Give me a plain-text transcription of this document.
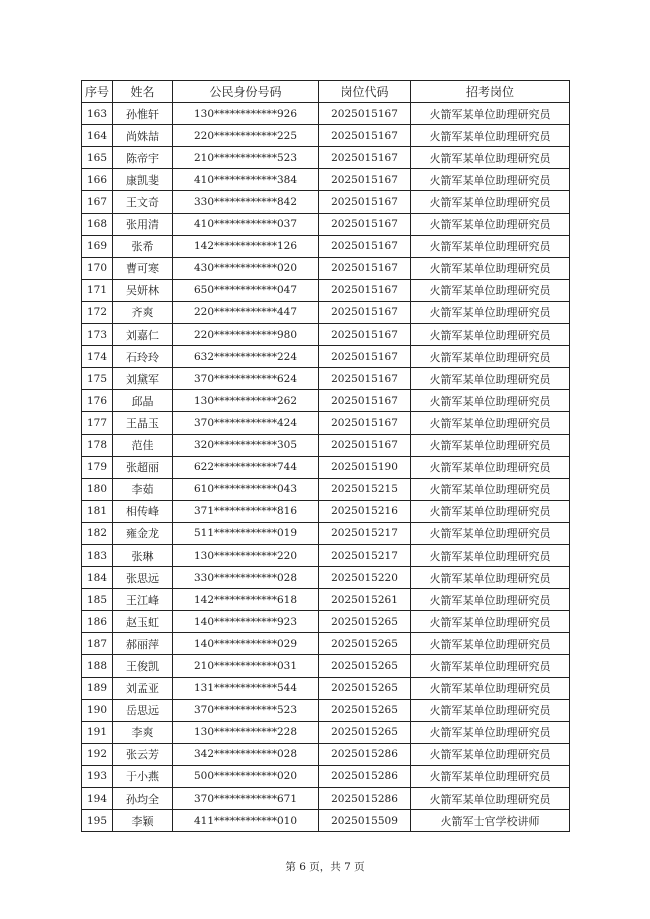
序号	姓名	公民身份号码	岗位代码	招考岗位
163	孙惟轩	130************926	2025015167	火箭军某单位助理研究员
164	尚姝喆	220************225	2025015167	火箭军某单位助理研究员
165	陈帝宇	210************523	2025015167	火箭军某单位助理研究员
166	康凯斐	410************384	2025015167	火箭军某单位助理研究员
167	王文奇	330************842	2025015167	火箭军某单位助理研究员
168	张用清	410************037	2025015167	火箭军某单位助理研究员
169	张希	142************126	2025015167	火箭军某单位助理研究员
170	曹可寒	430************020	2025015167	火箭军某单位助理研究员
171	吴妍林	650************047	2025015167	火箭军某单位助理研究员
172	齐爽	220************447	2025015167	火箭军某单位助理研究员
173	刘嘉仁	220************980	2025015167	火箭军某单位助理研究员
174	石玲玲	632************224	2025015167	火箭军某单位助理研究员
175	刘黛军	370************624	2025015167	火箭军某单位助理研究员
176	邱晶	130************262	2025015167	火箭军某单位助理研究员
177	王晶玉	370************424	2025015167	火箭军某单位助理研究员
178	范佳	320************305	2025015167	火箭军某单位助理研究员
179	张超丽	622************744	2025015190	火箭军某单位助理研究员
180	李茹	610************043	2025015215	火箭军某单位助理研究员
181	相传峰	371************816	2025015216	火箭军某单位助理研究员
182	雍金龙	511************019	2025015217	火箭军某单位助理研究员
183	张琳	130************220	2025015217	火箭军某单位助理研究员
184	张思远	330************028	2025015220	火箭军某单位助理研究员
185	王江峰	142************618	2025015261	火箭军某单位助理研究员
186	赵玉虹	140************923	2025015265	火箭军某单位助理研究员
187	郝丽萍	140************029	2025015265	火箭军某单位助理研究员
188	王俊凯	210************031	2025015265	火箭军某单位助理研究员
189	刘孟亚	131************544	2025015265	火箭军某单位助理研究员
190	岳思远	370************523	2025015265	火箭军某单位助理研究员
191	李爽	130************228	2025015265	火箭军某单位助理研究员
192	张云芳	342************028	2025015286	火箭军某单位助理研究员
193	于小燕	500************020	2025015286	火箭军某单位助理研究员
194	孙均全	370************671	2025015286	火箭军某单位助理研究员
195	李颖	411************010	2025015509	火箭军士官学校讲师
第 6 页，共 7 页
